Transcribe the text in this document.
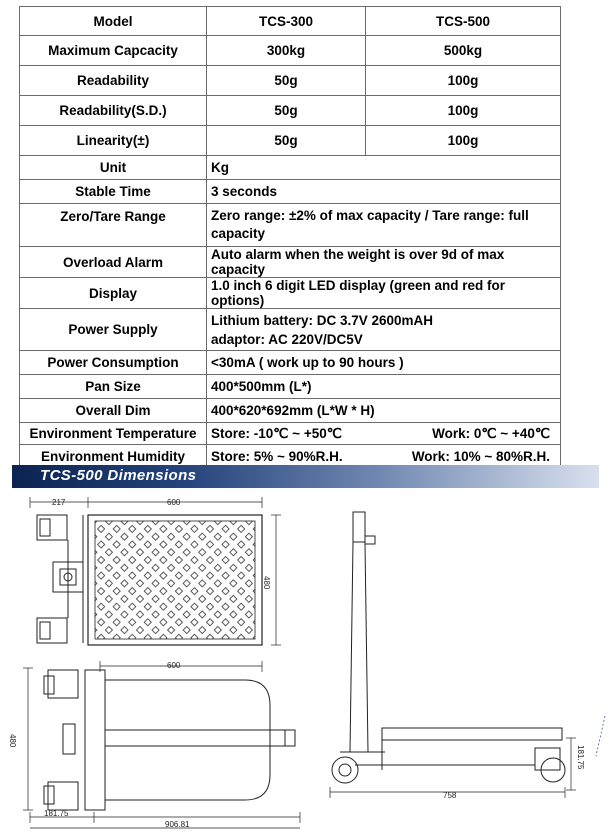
Model	TCS-300	TCS-500
Maximum Capcacity	300kg	500kg
Readability	50g	100g
Readability(S.D.)	50g	100g
Linearity(±)	50g	100g
Unit	Kg	
Stable Time	3 seconds	
Zero/Tare Range	Zero range: ±2% of max capacity / Tare range: full capacity	
Overload Alarm	Auto alarm when the weight is over 9d of max capacity	
Display	1.0 inch 6 digit LED display (green and red for options)	
Power Supply	Lithium battery: DC 3.7V 2600mAH
adaptor: AC 220V/DC5V	

Power Consumption	<30mA ( work up to 90 hours )	
Pan Size	400*500mm (L*)	
Overall Dim	400*620*692mm (L*W * H)	
Environment Temperature	Store: -10℃ ~ +50℃ Work: 0℃ ~ +40℃	

Environment Humidity	Store: 5% ~ 90%R.H. Work: 10% ~ 80%R.H.	
TCS-500 Dimensions
217	600
480
600
480
181.75
906.81
758
181.75
